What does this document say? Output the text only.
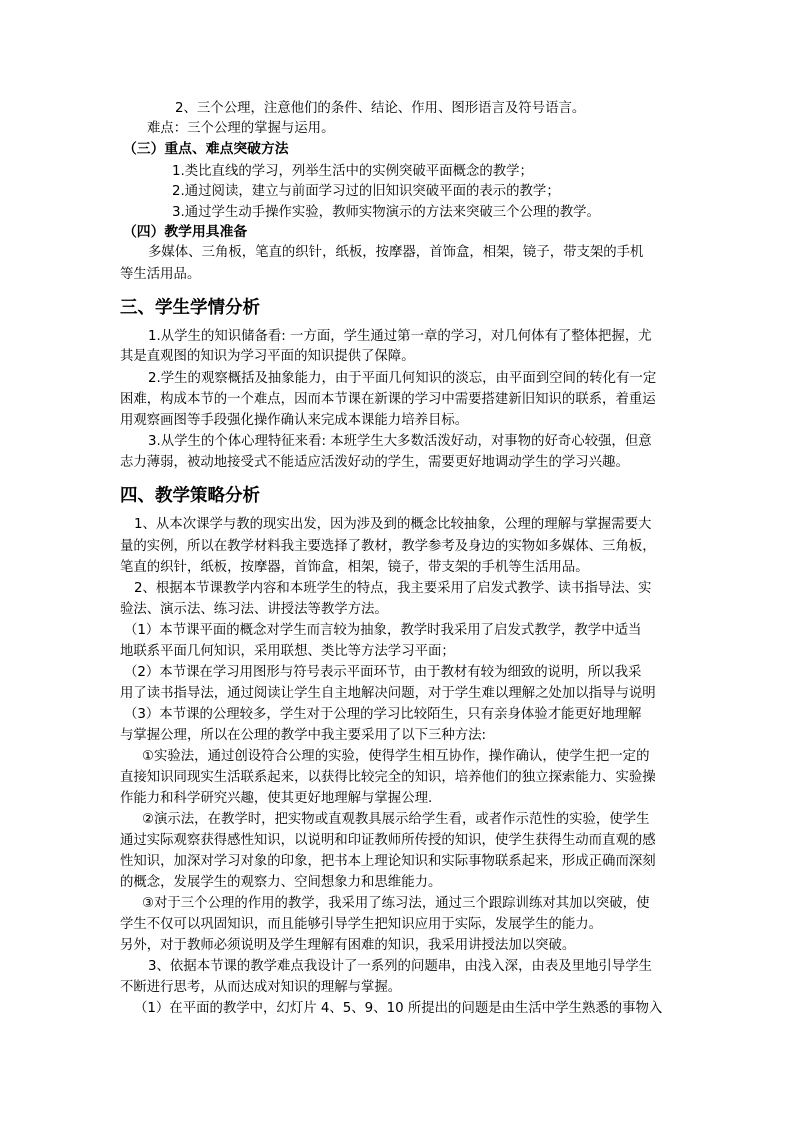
2、三个公理，注意他们的条件、结论、作用、图形语言及符号语言。
难点：三个公理的掌握与运用。
（三）重点、难点突破方法
1.类比直线的学习，列举生活中的实例突破平面概念的教学；
2.通过阅读，建立与前面学习过的旧知识突破平面的表示的教学；
3.通过学生动手操作实验，教师实物演示的方法来突破三个公理的教学。
（四）教学用具准备
多媒体、三角板，笔直的织针，纸板，按摩器，首饰盒，相架，镜子，带支架的手机
等生活用品。
三、学生学情分析
1.从学生的知识储备看: 一方面，学生通过第一章的学习，对几何体有了整体把握，尤
其是直观图的知识为学习平面的知识提供了保障。
2.学生的观察概括及抽象能力，由于平面几何知识的淡忘，由平面到空间的转化有一定
困难，构成本节的一个难点，因而本节课在新课的学习中需要搭建新旧知识的联系，着重运
用观察画图等手段强化操作确认来完成本课能力培养目标。
3.从学生的个体心理特征来看: 本班学生大多数活泼好动，对事物的好奇心较强，但意
志力薄弱，被动地接受式不能适应活泼好动的学生，需要更好地调动学生的学习兴趣。
四、教学策略分析
1、从本次课学与教的现实出发，因为涉及到的概念比较抽象，公理的理解与掌握需要大
量的实例，所以在教学材料我主要选择了教材，教学参考及身边的实物如多媒体、三角板，
笔直的织针，纸板，按摩器，首饰盒，相架，镜子，带支架的手机等生活用品。
2、根据本节课教学内容和本班学生的特点，我主要采用了启发式教学、读书指导法、实
验法、演示法、练习法、讲授法等教学方法。
（1）本节课平面的概念对学生而言较为抽象，教学时我采用了启发式教学，教学中适当
地联系平面几何知识，采用联想、类比等方法学习平面；
（2）本节课在学习用图形与符号表示平面环节，由于教材有较为细致的说明，所以我采
用了读书指导法，通过阅读让学生自主地解决问题，对于学生难以理解之处加以指导与说明
（3）本节课的公理较多，学生对于公理的学习比较陌生，只有亲身体验才能更好地理解
与掌握公理，所以在公理的教学中我主要采用了以下三种方法:
①实验法，通过创设符合公理的实验，使得学生相互协作，操作确认，使学生把一定的
直接知识同现实生活联系起来，以获得比较完全的知识，培养他们的独立探索能力、实验操
作能力和科学研究兴趣，使其更好地理解与掌握公理.
②演示法，在教学时，把实物或直观教具展示给学生看，或者作示范性的实验，使学生
通过实际观察获得感性知识，以说明和印证教师所传授的知识，使学生获得生动而直观的感
性知识，加深对学习对象的印象，把书本上理论知识和实际事物联系起来，形成正确而深刻
的概念，发展学生的观察力、空间想象力和思维能力。
③对于三个公理的作用的教学，我采用了练习法，通过三个跟踪训练对其加以突破，使
学生不仅可以巩固知识，而且能够引导学生把知识应用于实际，发展学生的能力。
另外，对于教师必须说明及学生理解有困难的知识，我采用讲授法加以突破。
3、依据本节课的教学难点我设计了一系列的问题串，由浅入深，由表及里地引导学生
不断进行思考，从而达成对知识的理解与掌握。
（1）在平面的教学中，幻灯片 4、5、9、10 所提出的问题是由生活中学生熟悉的事物入
